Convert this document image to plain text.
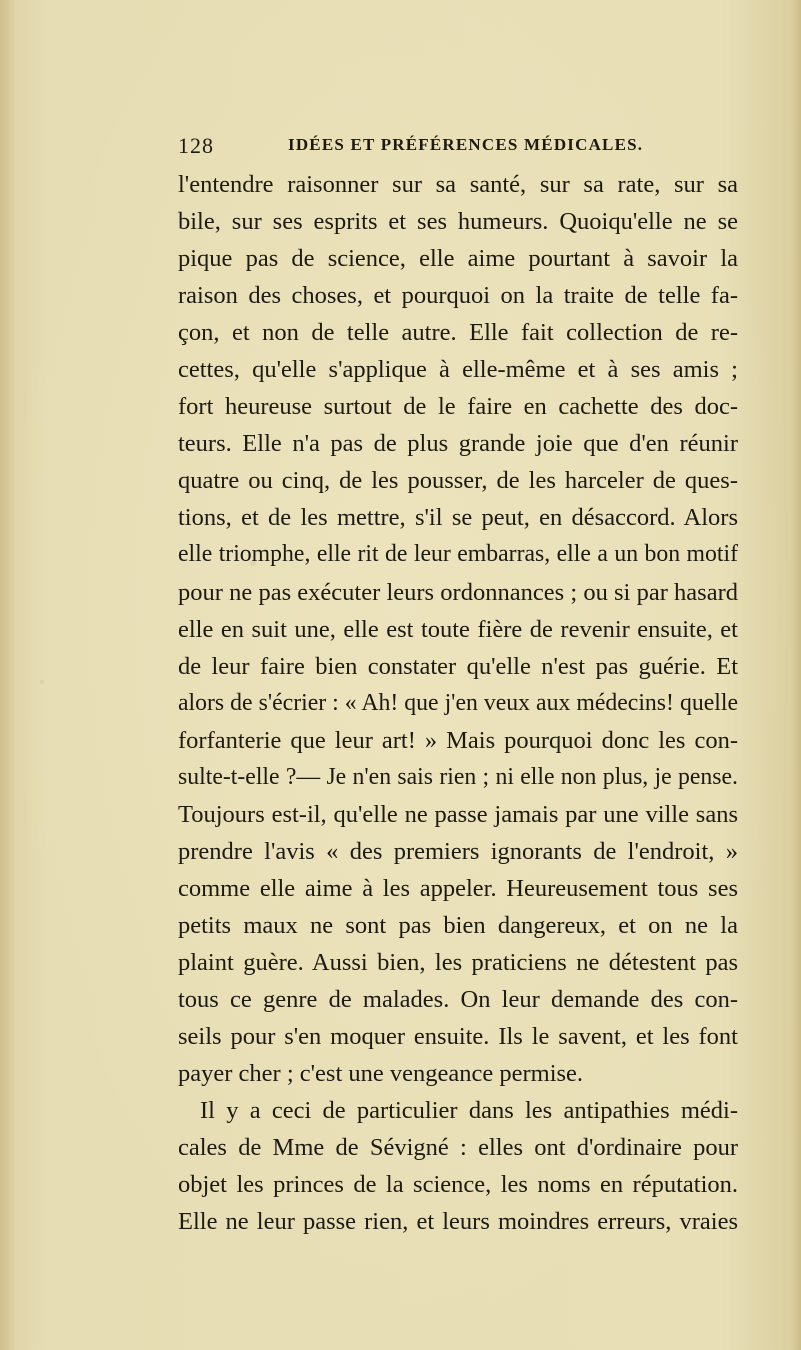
128	IDÉES ET PRÉFÉRENCES MÉDICALES.
l'entendre raisonner sur sa santé, sur sa rate, sur sa
bile, sur ses esprits et ses humeurs. Quoiqu'elle ne se
pique pas de science, elle aime pourtant à savoir la
raison des choses, et pourquoi on la traite de telle fa-
çon, et non de telle autre. Elle fait collection de re-
cettes, qu'elle s'applique à elle-même et à ses amis ;
fort heureuse surtout de le faire en cachette des doc-
teurs. Elle n'a pas de plus grande joie que d'en réunir
quatre ou cinq, de les pousser, de les harceler de ques-
tions, et de les mettre, s'il se peut, en désaccord. Alors
elle triomphe, elle rit de leur embarras, elle a un bon motif
pour ne pas exécuter leurs ordonnances ; ou si par hasard
elle en suit une, elle est toute fière de revenir ensuite, et
de leur faire bien constater qu'elle n'est pas guérie. Et
alors de s'écrier : « Ah! que j'en veux aux médecins! quelle
forfanterie que leur art! » Mais pourquoi donc les con-
sulte-t-elle ?— Je n'en sais rien ; ni elle non plus, je pense.
Toujours est-il, qu'elle ne passe jamais par une ville sans
prendre l'avis « des premiers ignorants de l'endroit, »
comme elle aime à les appeler. Heureusement tous ses
petits maux ne sont pas bien dangereux, et on ne la
plaint guère. Aussi bien, les praticiens ne détestent pas
tous ce genre de malades. On leur demande des con-
seils pour s'en moquer ensuite. Ils le savent, et les font
payer cher ; c'est une vengeance permise.
Il y a ceci de particulier dans les antipathies médi-
cales de Mme de Sévigné : elles ont d'ordinaire pour
objet les princes de la science, les noms en réputation.
Elle ne leur passe rien, et leurs moindres erreurs, vraies
